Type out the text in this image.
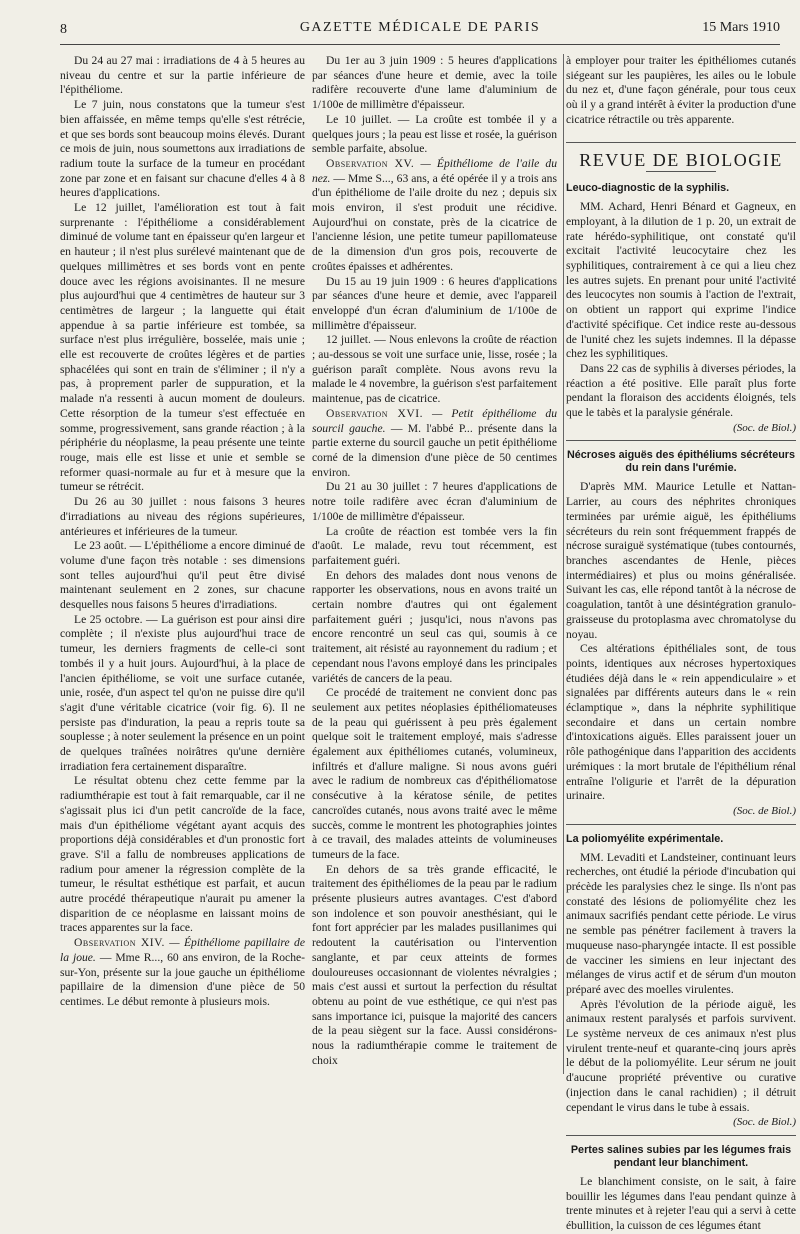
8	GAZETTE MÉDICALE DE PARIS	15 Mars 1910

Du 24 au 27 mai : irradiations de 4 à 5 heures au niveau du centre et sur la partie inférieure de l'épithéliome.

Le 7 juin, nous constatons que la tumeur s'est bien affaissée, en même temps qu'elle s'est rétrécie, et que ses bords sont beaucoup moins élevés. Durant ce mois de juin, nous soumettons aux irradiations de radium toute la surface de la tumeur en procédant zone par zone et en faisant sur chacune d'elles 4 à 8 heures d'applications.

Le 12 juillet, l'amélioration est tout à fait surprenante : l'épithéliome a considérablement diminué de volume tant en épaisseur qu'en largeur et en hauteur ; il n'est plus surélevé maintenant que de quelques millimètres et ses bords vont en pente douce avec les régions avoisinantes. Il ne mesure plus aujourd'hui que 4 centimètres de hauteur sur 3 centimètres de largeur ; la languette qui était appendue à sa partie inférieure est tombée, sa surface n'est plus irrégulière, bosselée, mais unie ; elle est recouverte de croûtes légères et de parties sphacélées qui sont en train de s'éliminer ; il n'y a pas, à proprement parler de suppuration, et la malade n'a ressenti à aucun moment de douleurs. Cette résorption de la tumeur s'est effectuée en somme, progressivement, sans grande réaction ; à la périphérie du néoplasme, la peau présente une teinte rouge, mais elle est lisse et unie et semble se reformer quasi-normale au fur et à mesure que la tumeur se rétrécit.

Du 26 au 30 juillet : nous faisons 3 heures d'irradiations au niveau des régions supérieures, antérieures et inférieures de la tumeur.

Le 23 août. — L'épithéliome a encore diminué de volume d'une façon très notable : ses dimensions sont telles aujourd'hui qu'il peut être divisé maintenant seulement en 2 zones, sur chacune desquelles nous faisons 5 heures d'irradiations.

Le 25 octobre. — La guérison est pour ainsi dire complète ; il n'existe plus aujourd'hui trace de tumeur, les derniers fragments de celle-ci sont tombés il y a huit jours. Aujourd'hui, à la place de l'ancien épithéliome, se voit une surface cutanée, unie, rosée, d'un aspect tel qu'on ne puisse dire qu'il s'agit d'une véritable cicatrice (voir fig. 6). Il ne persiste pas d'induration, la peau a repris toute sa souplesse ; à noter seulement la présence en un point de quelques traînées noirâtres qu'une dernière irradiation fera certainement disparaître.

Le résultat obtenu chez cette femme par la radiumthérapie est tout à fait remarquable, car il ne s'agissait plus ici d'un petit cancroïde de la face, mais d'un épithéliome végétant ayant acquis des proportions déjà considérables et d'un pronostic fort grave. S'il a fallu de nombreuses applications de radium pour amener la régression complète de la tumeur, le résultat esthétique est parfait, et aucun autre procédé thérapeutique n'aurait pu amener la disparition de ce néoplasme en laissant moins de traces apparentes sur la face.

Observation XIV. — Épithéliome papillaire de la joue. — Mme R..., 60 ans environ, de la Roche-sur-Yon, présente sur la joue gauche un épithéliome papillaire de la dimension d'une pièce de 50 centimes. Le début remonte à plusieurs mois.

Du 1er au 3 juin 1909 : 5 heures d'applications par séances d'une heure et demie, avec la toile radifère recouverte d'une lame d'aluminium de 1/100e de millimètre d'épaisseur.

Le 10 juillet. — La croûte est tombée il y a quelques jours ; la peau est lisse et rosée, la guérison semble parfaite, absolue.

Observation XV. — Épithéliome de l'aile du nez. — Mme S..., 63 ans, a été opérée il y a trois ans d'un épithéliome de l'aile droite du nez ; depuis six mois environ, il s'est produit une récidive. Aujourd'hui on constate, près de la cicatrice de l'ancienne lésion, une petite tumeur papillomateuse de la dimension d'un gros pois, recouverte de croûtes épaisses et adhérentes.

Du 15 au 19 juin 1909 : 6 heures d'applications par séances d'une heure et demie, avec l'appareil enveloppé d'un écran d'aluminium de 1/100e de millimètre d'épaisseur.

12 juillet. — Nous enlevons la croûte de réaction ; au-dessous se voit une surface unie, lisse, rosée ; la guérison paraît complète. Nous avons revu la malade le 4 novembre, la guérison s'est parfaitement maintenue, pas de cicatrice.

Observation XVI. — Petit épithéliome du sourcil gauche. — M. l'abbé P... présente dans la partie externe du sourcil gauche un petit épithéliome corné de la dimension d'une pièce de 50 centimes environ.

Du 21 au 30 juillet : 7 heures d'applications de notre toile radifère avec écran d'aluminium de 1/100e de millimètre d'épaisseur.

La croûte de réaction est tombée vers la fin d'août. Le malade, revu tout récemment, est parfaitement guéri.

En dehors des malades dont nous venons de rapporter les observations, nous en avons traité un certain nombre d'autres qui ont également parfaitement guéri ; jusqu'ici, nous n'avons pas encore rencontré un seul cas qui, soumis à ce traitement, ait résisté au rayonnement du radium ; et cependant nous l'avons employé dans les principales variétés de cancers de la peau.

Ce procédé de traitement ne convient donc pas seulement aux petites néoplasies épithéliomateuses de la peau qui guérissent à peu près également quelque soit le traitement employé, mais s'adresse également aux épithéliomes cutanés, volumineux, infiltrés et d'allure maligne. Si nous avons guéri avec le radium de nombreux cas d'épithéliomatose consécutive à la kératose sénile, de petites cancroïdes cutanés, nous avons traité avec le même succès, comme le montrent les photographies jointes à ce travail, des malades atteints de volumineuses tumeurs de la face.

En dehors de sa très grande efficacité, le traitement des épithéliomes de la peau par le radium présente plusieurs autres avantages. C'est d'abord son indolence et son pouvoir anesthésiant, qui le font fort apprécier par les malades pusillanimes qui redoutent la cautérisation ou l'intervention sanglante, et par ceux atteints de formes douloureuses occasionnant de violentes névralgies ; mais c'est aussi et surtout la perfection du résultat obtenu au point de vue esthétique, ce qui n'est pas sans importance ici, puisque la majorité des cancers de la peau siègent sur la face. Aussi considérons-nous la radiumthérapie comme le traitement de choix

à employer pour traiter les épithéliomes cutanés siégeant sur les paupières, les ailes ou le lobule du nez et, d'une façon générale, pour tous ceux où il y a grand intérêt à éviter la production d'une cicatrice rétractile ou très apparente.

REVUE DE BIOLOGIE
Leuco-diagnostic de la syphilis.

MM. Achard, Henri Bénard et Gagneux, en employant, à la dilution de 1 p. 20, un extrait de rate hérédo-syphilitique, ont constaté qu'il excitait l'activité leucocytaire chez les syphilitiques, contrairement à ce qui a lieu chez les autres sujets. En prenant pour unité l'activité des leucocytes non soumis à l'action de l'extrait, on obtient un rapport qui exprime l'indice d'activité spécifique. Cet indice reste au-dessous de l'unité chez les sujets indemnes. Il la dépasse chez les syphilitiques.

Dans 22 cas de syphilis à diverses périodes, la réaction a été positive. Elle paraît plus forte pendant la floraison des accidents éloignés, tels que le tabès et la paralysie générale.

(Soc. de Biol.)

Nécroses aiguës des épithéliums sécréteurs du rein dans l'urémie.

D'après MM. Maurice Letulle et Nattan-Larrier, au cours des néphrites chroniques terminées par urémie aiguë, les épithéliums sécréteurs du rein sont fréquemment frappés de nécrose suraiguë systématique (tubes contournés, branches ascendantes de Henle, pièces intermédiaires) et plus ou moins généralisée. Suivant les cas, elle répond tantôt à la nécrose de coagulation, tantôt à une désintégration granulo-graisseuse du protoplasma avec chromatolyse du noyau.

Ces altérations épithéliales sont, de tous points, identiques aux nécroses hypertoxiques étudiées déjà dans le « rein appendiculaire » et signalées par différents auteurs dans le « rein éclamptique », dans la néphrite syphilitique secondaire et dans un certain nombre d'intoxications aiguës. Elles paraissent jouer un rôle pathogénique dans l'apparition des accidents urémiques : la mort brutale de l'épithélium rénal entraîne l'oligurie et l'arrêt de la dépuration urinaire.

(Soc. de Biol.)

La poliomyélite expérimentale.

MM. Levaditi et Landsteiner, continuant leurs recherches, ont étudié la période d'incubation qui précède les paralysies chez le singe. Ils n'ont pas constaté des lésions de poliomyélite chez les animaux sacrifiés pendant cette période. Le virus ne semble pas pénétrer facilement à travers la muqueuse naso-pharyngée intacte. Il est possible de vacciner les simiens en leur injectant des mélanges de virus actif et de sérum d'un mouton préparé avec des moelles virulentes.

Après l'évolution de la période aiguë, les animaux restent paralysés et parfois survivent. Le système nerveux de ces animaux n'est plus virulent trente-neuf et quarante-cinq jours après le début de la poliomyélite. Leur sérum ne jouit d'aucune propriété préventive ou curative (injection dans le canal rachidien) ; il détruit cependant le virus dans le tube à essais.

(Soc. de Biol.)

Pertes salines subies par les légumes frais pendant leur blanchiment.

Le blanchiment consiste, on le sait, à faire bouillir les légumes dans l'eau pendant quinze à trente minutes et à rejeter l'eau qui a servi à cette ébullition, la cuisson de ces légumes étant
